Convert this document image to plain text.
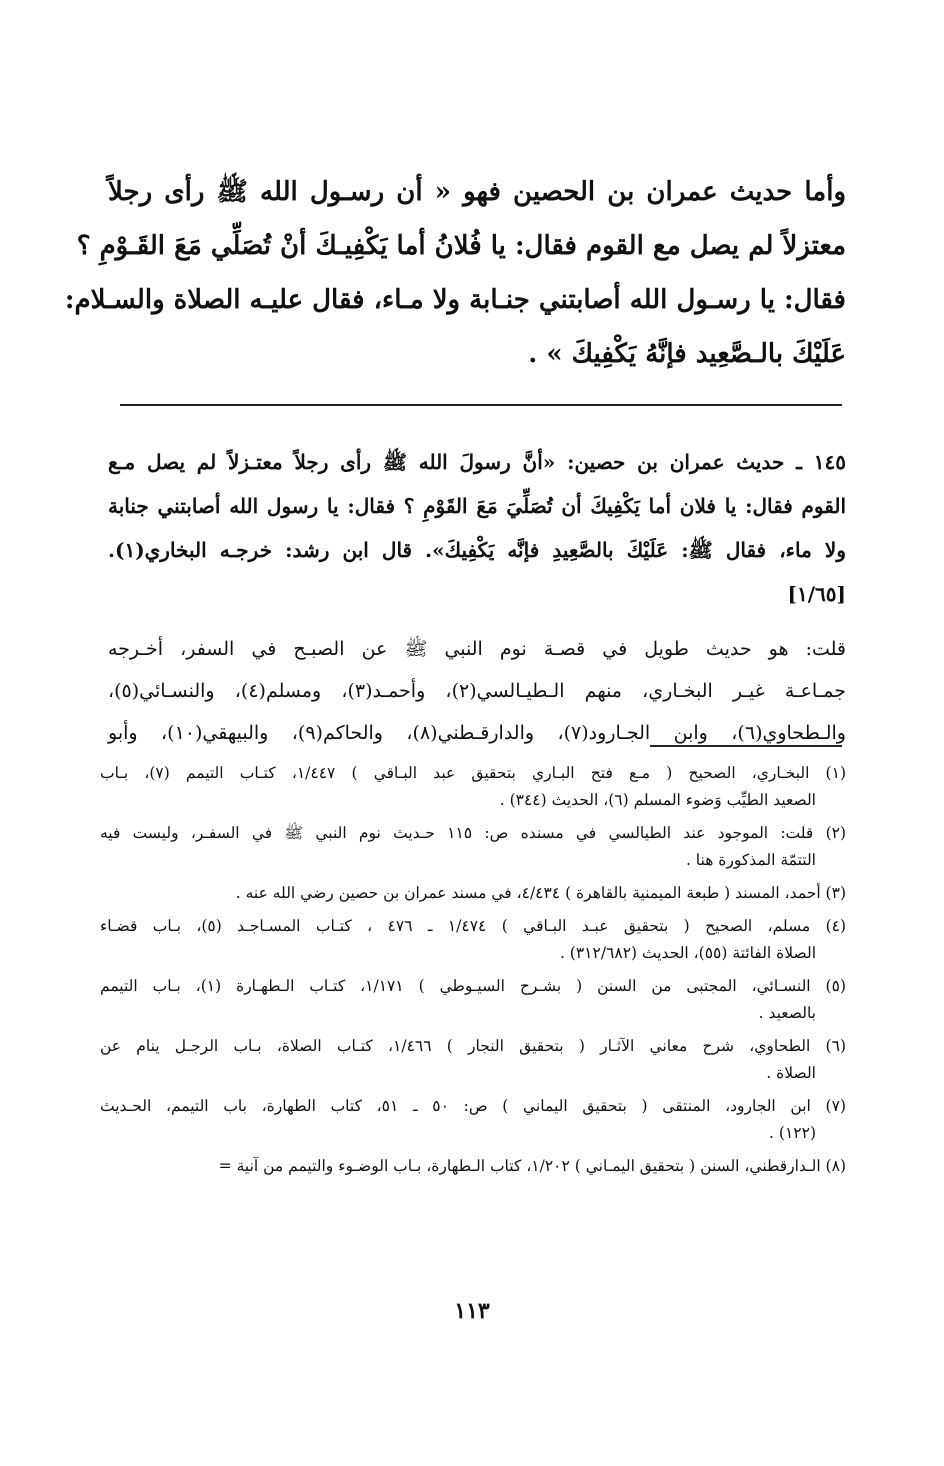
وأما حديث عمران بن الحصين فهو « أن رسـول الله ﷺ رأى رجلاً
معتزلاً لم يصل مع القوم فقال: يا فُلانُ أما يَكْفِيـكَ أنْ تُصَلِّي مَعَ القَـوْمِ ؟
فقال: يا رسـول الله أصابتني جنـابة ولا مـاء، فقال عليـه الصلاة والسـلام:
عَلَيْكَ بالـصَّعِيد فإنَّهُ يَكْفِيكَ » .
١٤٥ ـ حديث عمران بن حصين: «أنَّ رسولَ الله ﷺ رأى رجلاً معتـزلاً لم يصل مـع
القوم فقال: يا فلان أما يَكْفِيكَ أن تُصَلِّيَ مَعَ القَوْمِ ؟ فقال: يا رسول الله أصابتني جنابة
ولا ماء، فقال ﷺ: عَلَيْكَ بالصَّعِيدِ فإنَّه يَكْفِيكَ». قال ابن رشد: خرجـه البخاري(١).
[١/٦٥]
قلت: هو حديث طويل في قصـة نوم النبي ﷺ عن الصبـح في السفر، أخـرجه
جمـاعـة غيـر البخـاري، منهم الـطيـالسي(٢)، وأحمـد(٣)، ومسلم(٤)، والنسـائي(٥)،
والـطحاوي(٦)، وابن الجـارود(٧)، والدارقـطني(٨)، والحاكم(٩)، والبيهقي(١٠)، وأبو
(١) البخـاري، الصحيح ( مـع فتح البـاري بتحقيق عبد البـاقي ) ١/٤٤٧، كتـاب التيمم (٧)، بـاب
الصعيد الطيِّب وَضوء المسلم (٦)، الحديث (٣٤٤) .
(٢) قلت: الموجود عند الطيالسي في مسنده ص: ١١٥ حـديث نوم النبي ﷺ في السفـر، وليست فيه
التتمّة المذكورة هنا .
(٣) أحمد، المسند ( طبعة الميمنية بالقاهرة ) ٤/٤٣٤، في مسند عمران بن حصين رضي الله عنه .
(٤) مسلم، الصحيح ( بتحقيق عبـد البـاقي ) ١/٤٧٤ ـ ٤٧٦ ، كتـاب المسـاجـد (٥)، بـاب قضـاء
الصلاة الفائتة (٥٥)، الحديث (٣١٢/٦٨٢) .
(٥) النسـائي، المجتبى من السنن ( بشـرح السيـوطي ) ١/١٧١، كتـاب الـطهـارة (١)، بـاب التيمم
بالصعيد .
(٦) الطحاوي، شرح معاني الآثـار ( بتحقيق النجار ) ١/٤٦٦، كتـاب الصلاة، بـاب الرجـل ينام عن
الصلاة .
(٧) ابن الجارود، المنتقى ( بتحقيق اليماني ) ص: ٥٠ ـ ٥١، كتاب الطهارة، باب التيمم، الحـديث
(١٢٢) .
(٨) الـدارقطني، السنن ( بتحقيق اليمـاني ) ١/٢٠٢، كتاب الـطهارة، بـاب الوضـوء والتيمم من آنية =
١١٣
